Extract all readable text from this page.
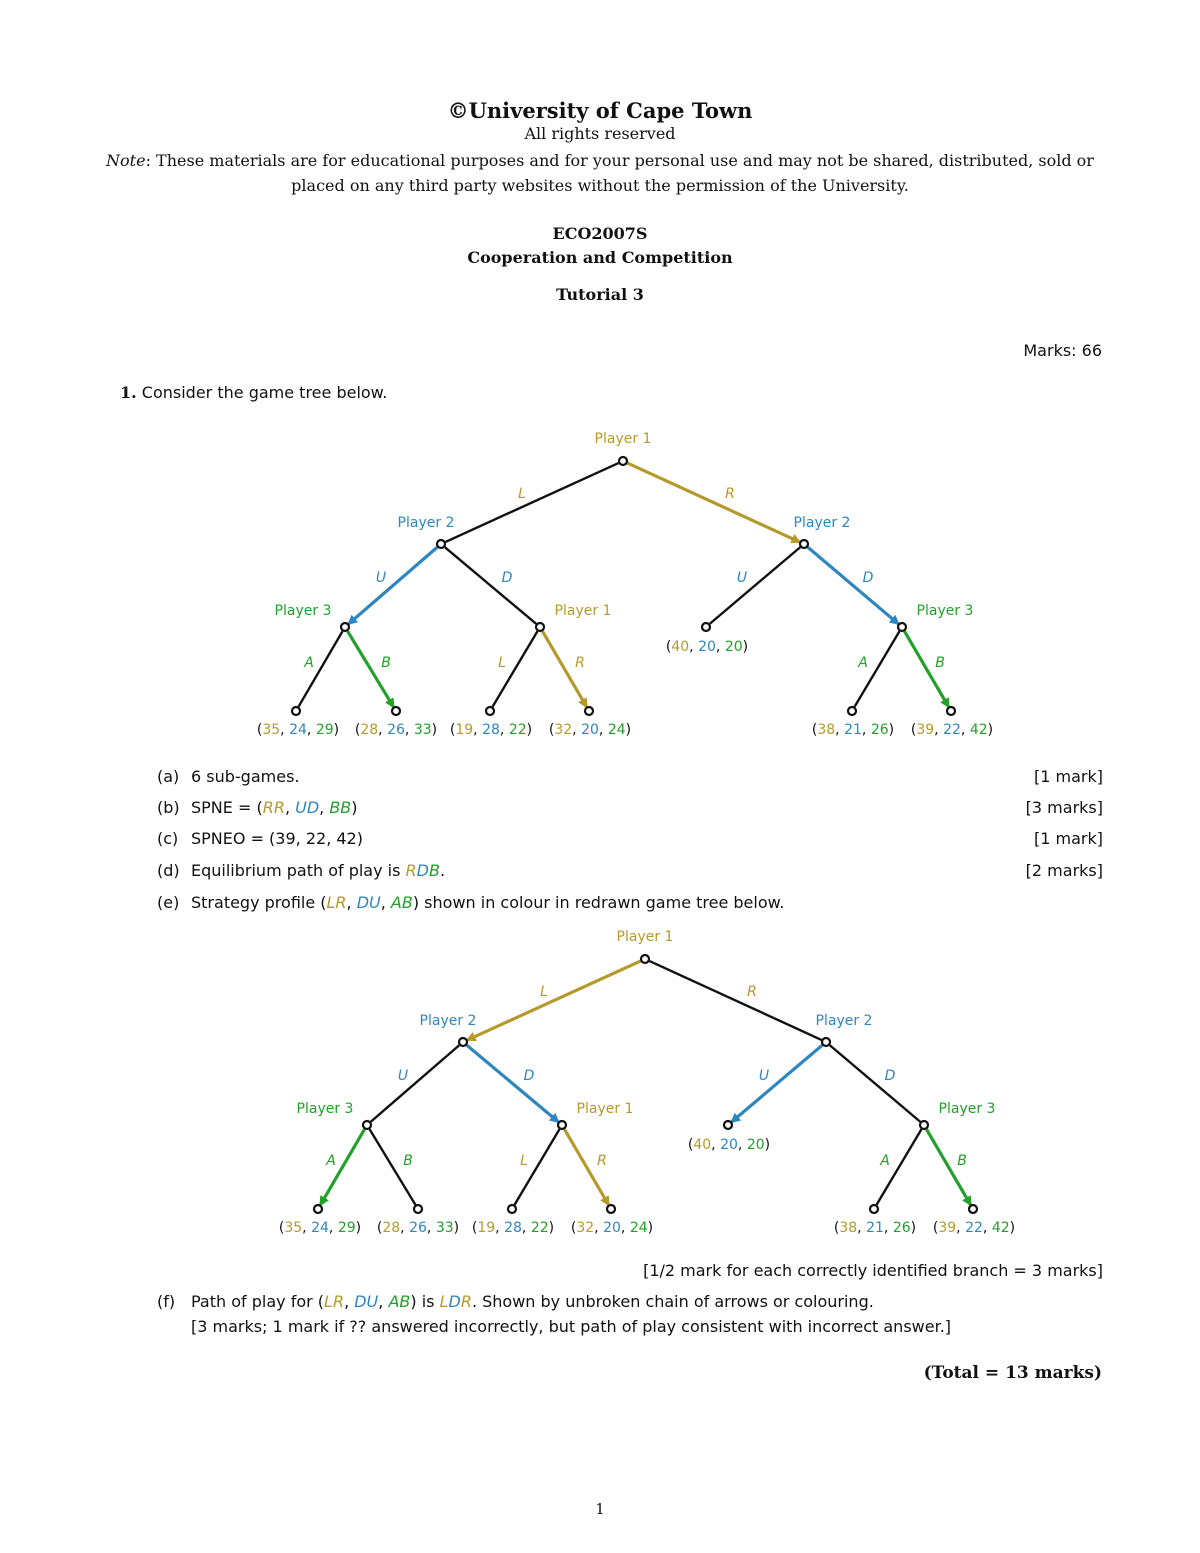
©University of Cape Town
All rights reserved
Note: These materials are for educational purposes and for your personal use and may not be shared, distributed, sold or placed on any third party websites without the permission of the University.
ECO2007S
Cooperation and Competition
Tutorial 3
Marks: 66
1. Consider the game tree below.
Player 1
Player 2	Player 2
Player 3	Player 1	Player 3
L	R
U	D	U	D
A	B	L	R	A	B
(35, 24, 29) (28, 26, 33) (19, 28, 22) (32, 20, 24)
(40, 20, 20)
(38, 21, 26) (39, 22, 42)
(a) 6 sub-games.	[1 mark]
(b) SPNE = (RR, UD, BB)	[3 marks]
(c) SPNEO = (39, 22, 42)	[1 mark]
(d) Equilibrium path of play is RDB.	[2 marks]
(e) Strategy profile (LR, DU, AB) shown in colour in redrawn game tree below.
Player 1
Player 2	Player 2
Player 3	Player 1	Player 3
L	R
U	D	U	D
A	B	L	R	A	B
(35, 24, 29) (28, 26, 33) (19, 28, 22) (32, 20, 24)
(40, 20, 20)
(38, 21, 26) (39, 22, 42)
[1/2 mark for each correctly identified branch = 3 marks]
(f) Path of play for (LR, DU, AB) is LDR. Shown by unbroken chain of arrows or colouring.
[3 marks; 1 mark if ?? answered incorrectly, but path of play consistent with incorrect answer.]
(Total = 13 marks)
1
